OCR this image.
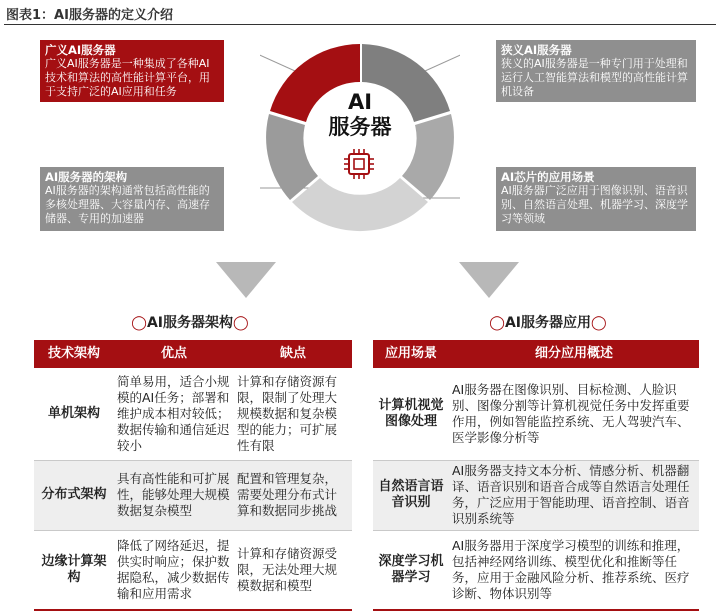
图表1：AI服务器的定义介绍
AI
服务器
广义AI服务器
广义AI服务器是一种集成了各种AI技术和算法的高性能计算平台，用于支持广泛的AI应用和任务
狭义AI服务器
狭义的AI服务器是一种专门用于处理和运行人工智能算法和模型的高性能计算机设备
AI服务器的架构
AI服务器的架构通常包括高性能的多核处理器、大容量内存、高速存储器、专用的加速器
AI芯片的应用场景
AI服务器广泛应用于图像识别、语音识别、自然语言处理、机器学习、深度学习等领域
◯AI服务器架构◯	◯AI服务器应用◯
技术架构	优点	缺点
单机架构	简单易用，适合小规模的AI任务；部署和维护成本相对较低；数据传输和通信延迟较小	计算和存储资源有限，限制了处理大规模数据和复杂模型的能力；可扩展性有限
分布式架构	具有高性能和可扩展性，能够处理大规模数据复杂模型	配置和管理复杂，需要处理分布式计算和数据同步挑战
边缘计算架构	降低了网络延迟，提供实时响应；保护数据隐私，减少数据传输和应用需求	计算和存储资源受限，无法处理大规模数据和模型
应用场景	细分应用概述
计算机视觉图像处理	AI服务器在图像识别、目标检测、人脸识别、图像分割等计算机视觉任务中发挥重要作用，例如智能监控系统、无人驾驶汽车、医学影像分析等
自然语言语音识别	AI服务器支持文本分析、情感分析、机器翻译、语音识别和语音合成等自然语言处理任务，广泛应用于智能助理、语音控制、语音识别系统等
深度学习机器学习	AI服务器用于深度学习模型的训练和推理，包括神经网络训练、模型优化和推断等任务，应用于金融风险分析、推荐系统、医疗诊断、物体识别等
